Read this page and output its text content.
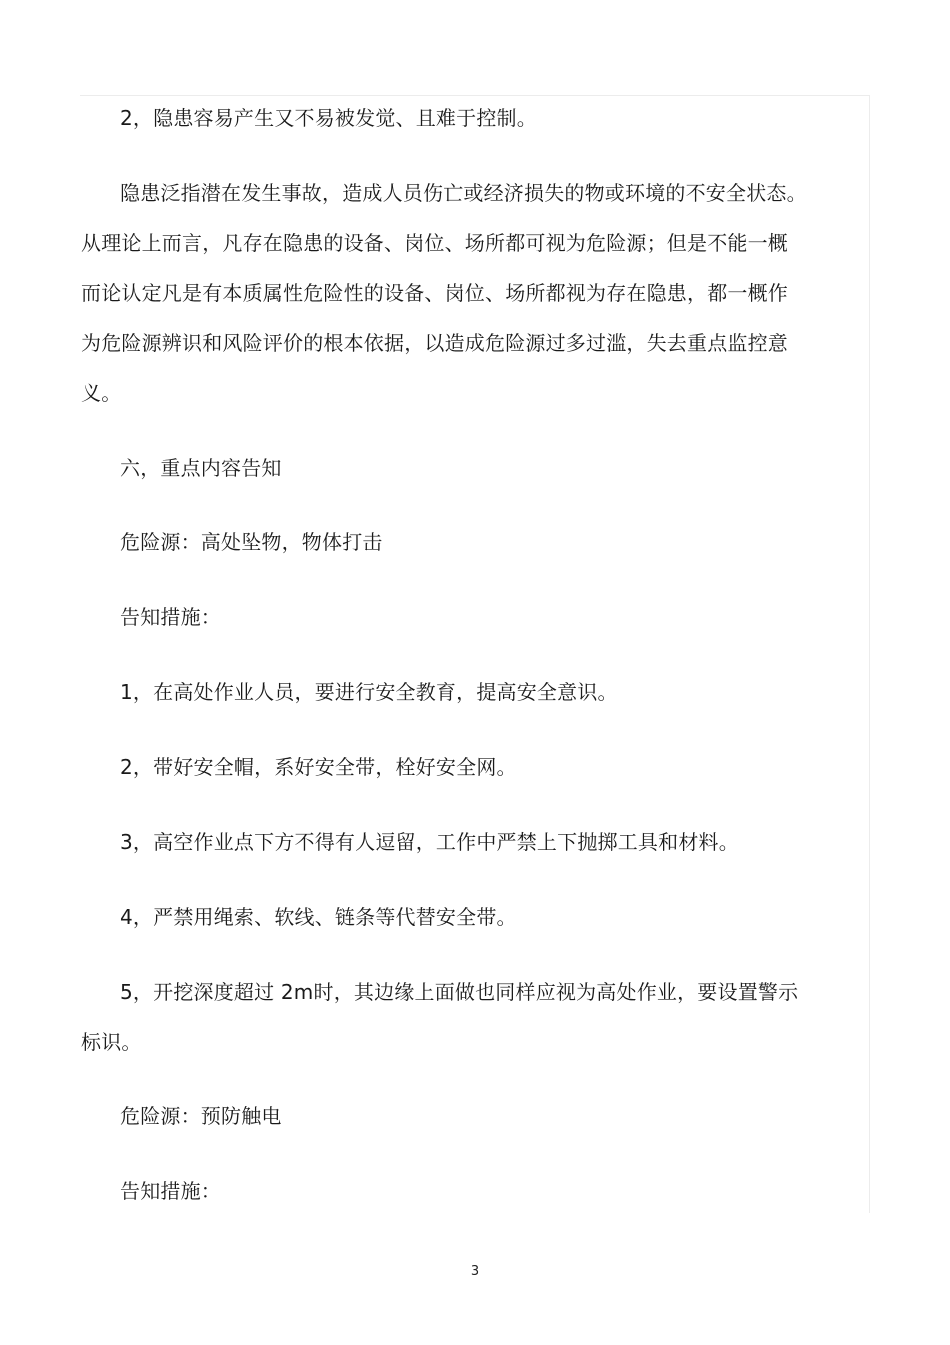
2，隐患容易产生又不易被发觉、且难于控制。
隐患泛指潜在发生事故，造成人员伤亡或经济损失的物或环境的不安全状态。
从理论上而言，凡存在隐患的设备、岗位、场所都可视为危险源；但是不能一概
而论认定凡是有本质属性危险性的设备、岗位、场所都视为存在隐患，都一概作
为危险源辨识和风险评价的根本依据，以造成危险源过多过滥，失去重点监控意
义。
六，重点内容告知
危险源：高处坠物，物体打击
告知措施：
1，在高处作业人员，要进行安全教育，提高安全意识。
2，带好安全帽，系好安全带，栓好安全网。
3，高空作业点下方不得有人逗留，工作中严禁上下抛掷工具和材料。
4，严禁用绳索、软线、链条等代替安全带。
5，开挖深度超过 2m时，其边缘上面做也同样应视为高处作业，要设置警示
标识。
危险源：预防触电
告知措施：
3
